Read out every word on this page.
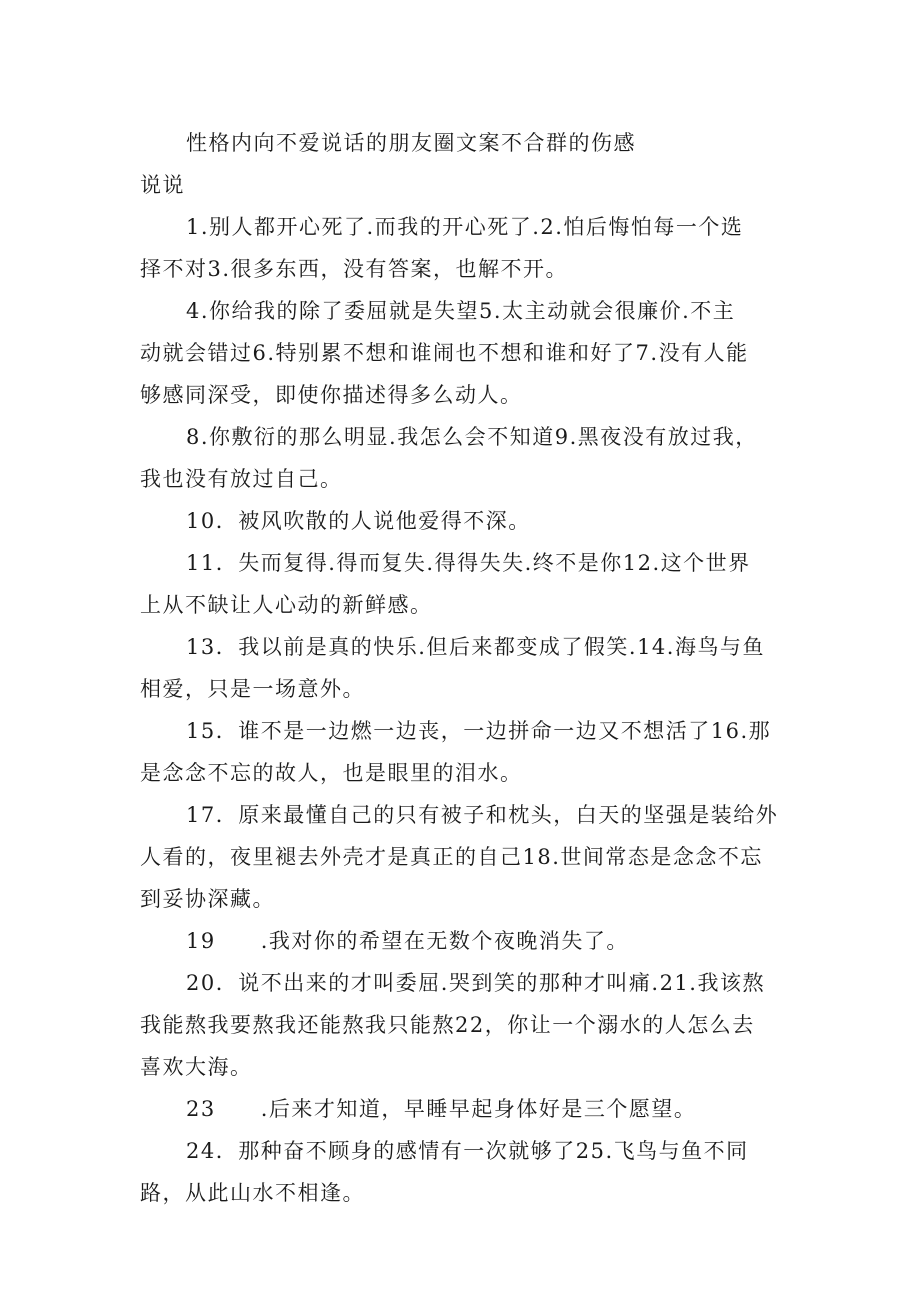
性格内向不爱说话的朋友圈文案不合群的伤感
说说
1.别人都开心死了.而我的开心死了.2.怕后悔怕每一个选
择不对3.很多东西，没有答案，也解不开。
4.你给我的除了委屈就是失望5.太主动就会很廉价.不主
动就会错过6.特别累不想和谁闹也不想和谁和好了7.没有人能
够感同深受，即使你描述得多么动人。
8.你敷衍的那么明显.我怎么会不知道9.黑夜没有放过我，
我也没有放过自己。
10．被风吹散的人说他爱得不深。
11．失而复得.得而复失.得得失失.终不是你12.这个世界
上从不缺让人心动的新鲜感。
13．我以前是真的快乐.但后来都变成了假笑.14.海鸟与鱼
相爱，只是一场意外。
15．谁不是一边燃一边丧，一边拼命一边又不想活了16.那
是念念不忘的故人，也是眼里的泪水。
17．原来最懂自己的只有被子和枕头，白天的坚强是装给外
人看的，夜里褪去外壳才是真正的自己18.世间常态是念念不忘
到妥协深藏。
19　　.我对你的希望在无数个夜晚消失了。
20．说不出来的才叫委屈.哭到笑的那种才叫痛.21.我该熬
我能熬我要熬我还能熬我只能熬22，你让一个溺水的人怎么去
喜欢大海。
23　　.后来才知道，早睡早起身体好是三个愿望。
24．那种奋不顾身的感情有一次就够了25.飞鸟与鱼不同
路，从此山水不相逢。
